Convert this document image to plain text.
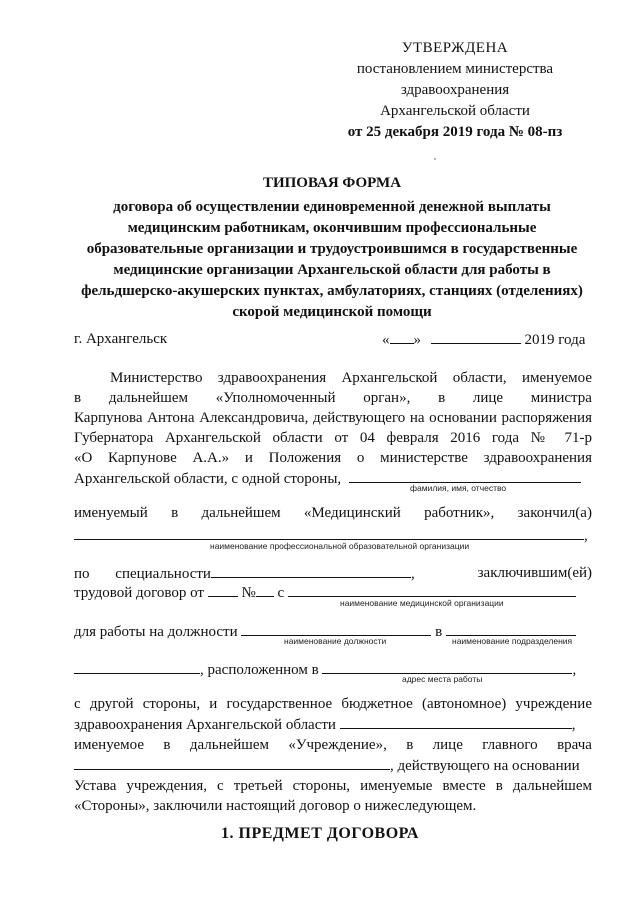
УТВЕРЖДЕНА
постановлением министерства
здравоохранения
Архангельской области
от 25 декабря 2019 года № 08-пз
ТИПОВАЯ ФОРМА
договора об осуществлении единовременной денежной выплаты
медицинским работникам, окончившим профессиональные
образовательные организации и трудоустроившимся в государственные
медицинские организации Архангельской области для работы в
фельдшерско-акушерских пунктах, амбулаториях, станциях (отделениях)
скорой медицинской помощи
г. Архангельск	« »	2019 года
Министерство здравоохранения Архангельской области, именуемое
в дальнейшем «Уполномоченный орган», в лице министра
Карпунова Антона Александровича, действующего на основании распоряжения
Губернатора Архангельской области от 04 февраля 2016 года № 71-р
«О Карпунове А.А.» и Положения о министерстве здравоохранения
Архангельской области, с одной стороны,
фамилия, имя, отчество
именуемый в дальнейшем «Медицинский работник», закончил(а)
,
наименование профессиональной образовательной организации
по специальности	,	заключившим(ей)
трудовой договор от	№ с
наименование медицинской организации
для работы на должности	в
наименование должности	наименование подразделения
, расположенном в	,
адрес места работы
с другой стороны, и государственное бюджетное (автономное) учреждение
здравоохранения Архангельской области	,
именуемое в дальнейшем «Учреждение», в лице главного врача
, действующего на основании
Устава учреждения, с третьей стороны, именуемые вместе в дальнейшем
«Стороны», заключили настоящий договор о нижеследующем.
1. ПРЕДМЕТ ДОГОВОРА
